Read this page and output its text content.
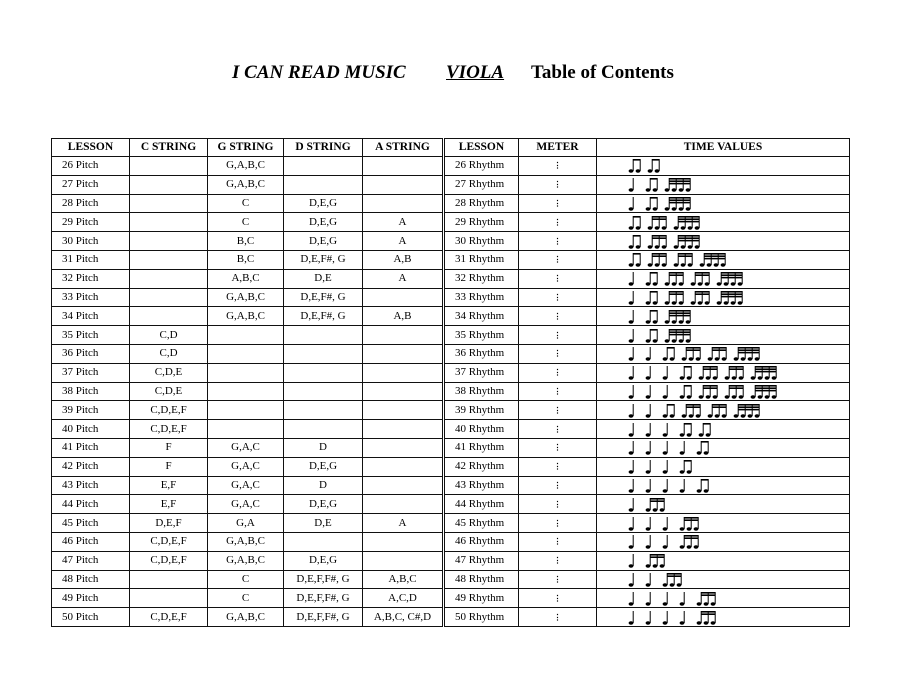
I CAN READ MUSIC VIOLA Table of Contents
LESSON	C STRING	G STRING	D STRING	A STRING	LESSON	METER	TIME VALUES
26 Pitch		G,A,B,C			26 Rhythm	⋮	

27 Pitch		G,A,B,C			27 Rhythm	⋮	

28 Pitch		C	D,E,G		28 Rhythm	⋮	

29 Pitch		C	D,E,G	A	29 Rhythm	⋮	

30 Pitch		B,C	D,E,G	A	30 Rhythm	⋮	

31 Pitch		B,C	D,E,F#, G	A,B	31 Rhythm	⋮	

32 Pitch		A,B,C	D,E	A	32 Rhythm	⋮	

33 Pitch		G,A,B,C	D,E,F#, G		33 Rhythm	⋮	

34 Pitch		G,A,B,C	D,E,F#, G	A,B	34 Rhythm	⋮	

35 Pitch	C,D				35 Rhythm	⋮	

36 Pitch	C,D				36 Rhythm	⋮	

37 Pitch	C,D,E				37 Rhythm	⋮	

38 Pitch	C,D,E				38 Rhythm	⋮	

39 Pitch	C,D,E,F				39 Rhythm	⋮	

40 Pitch	C,D,E,F				40 Rhythm	⋮	

41 Pitch	F	G,A,C	D		41 Rhythm	⋮	

42 Pitch	F	G,A,C	D,E,G		42 Rhythm	⋮	

43 Pitch	E,F	G,A,C	D		43 Rhythm	⋮	

44 Pitch	E,F	G,A,C	D,E,G		44 Rhythm	⋮	

45 Pitch	D,E,F	G,A	D,E	A	45 Rhythm	⋮	

46 Pitch	C,D,E,F	G,A,B,C			46 Rhythm	⋮	

47 Pitch	C,D,E,F	G,A,B,C	D,E,G		47 Rhythm	⋮	

48 Pitch		C	D,E,F,F#, G	A,B,C	48 Rhythm	⋮	

49 Pitch		C	D,E,F,F#, G	A,C,D	49 Rhythm	⋮	

50 Pitch	C,D,E,F	G,A,B,C	D,E,F,F#, G	A,B,C, C#,D	50 Rhythm	⋮	
